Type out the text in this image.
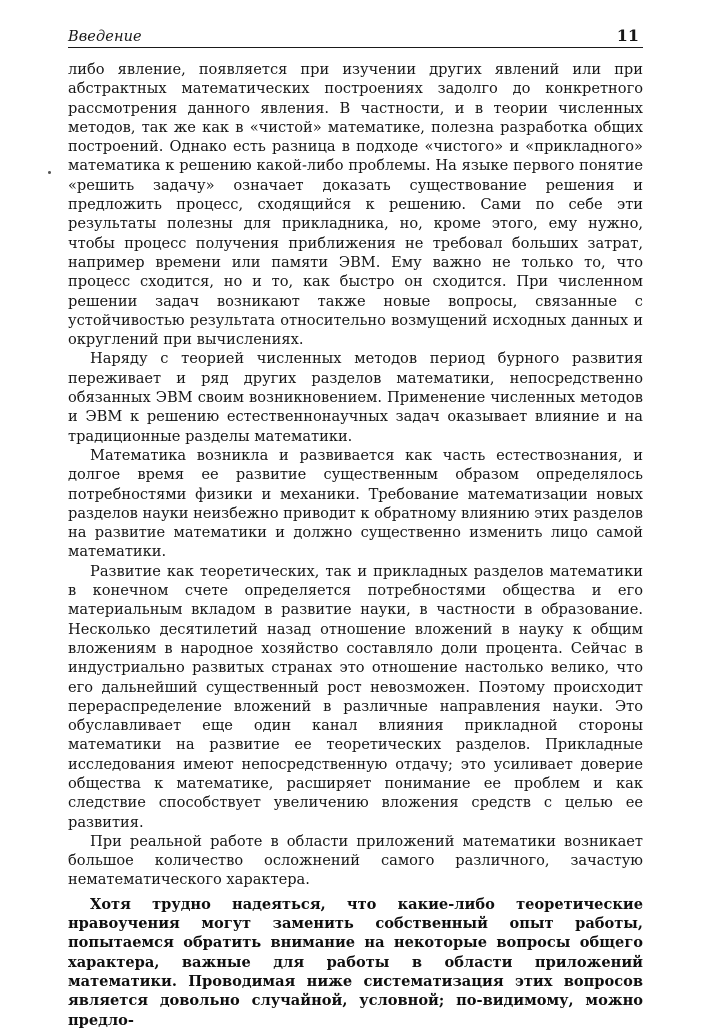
Введение	11

либо явление, появляется при изучении других явлений или при абстрактных математических построениях задолго до конкретного рассмотрения данного явления. В частности, и в теории численных методов, так же как в «чистой» математике, полезна разработка общих построений. Однако есть разница в подходе «чистого» и «прикладного» математика к решению какой-либо проблемы. На языке первого понятие «решить задачу» означает доказать существование решения и предложить процесс, сходящийся к решению. Сами по себе эти результаты полезны для прикладника, но, кроме этого, ему нужно, чтобы процесс получения приближения не требовал больших затрат, например времени или памяти ЭВМ. Ему важно не только то, что процесс сходится, но и то, как быстро он сходится. При численном решении задач возникают также новые вопросы, связанные с устойчивостью результата относительно возмущений исходных данных и округлений при вычислениях.

Наряду с теорией численных методов период бурного развития переживает и ряд других разделов математики, непосредственно обязанных ЭВМ своим возникновением. Применение численных методов и ЭВМ к решению естественнонаучных задач оказывает влияние и на традиционные разделы математики.

Математика возникла и развивается как часть естествознания, и долгое время ее развитие существенным образом определялось потребностями физики и механики. Требование математизации новых разделов науки неизбежно приводит к обратному влиянию этих разделов на развитие математики и должно существенно изменить лицо самой математики.

Развитие как теоретических, так и прикладных разделов математики в конечном счете определяется потребностями общества и его материальным вкладом в развитие науки, в частности в образование. Несколько десятилетий назад отношение вложений в науку к общим вложениям в народное хозяйство составляло доли процента. Сейчас в индустриально развитых странах это отношение настолько велико, что его дальнейший существенный рост невозможен. Поэтому происходит перераспределение вложений в различные направления науки. Это обуславливает еще один канал влияния прикладной стороны математики на развитие ее теоретических разделов. Прикладные исследования имеют непосредственную отдачу; это усиливает доверие общества к математике, расширяет понимание ее проблем и как следствие способствует увеличению вложения средств с целью ее развития.

При реальной работе в области приложений математики возникает большое количество осложнений самого различного, зачастую нематематического характера.

Хотя трудно надеяться, что какие-либо теоретические нравоучения могут заменить собственный опыт работы, попытаемся обратить внимание на некоторые вопросы общего характера, важные для работы в области приложений математики. Проводимая ниже систематизация этих вопросов является довольно случайной, условной; по-видимому, можно предло-
